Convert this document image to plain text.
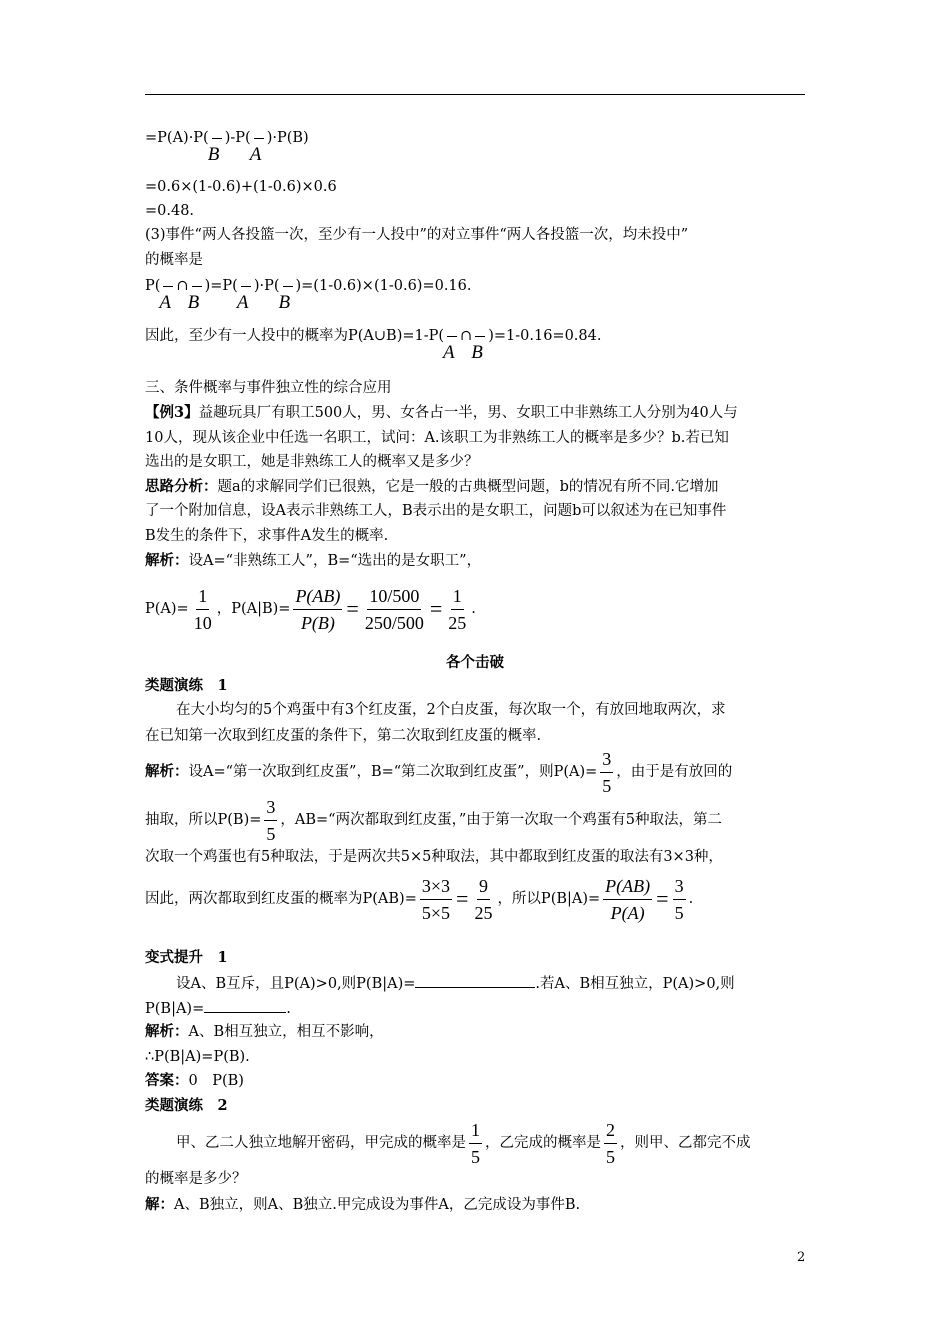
=P(A)·P(
B
)-P(
A
)·P(B)
=0.6×(1-0.6)+(1-0.6)×0.6
=0.48.
(3)事件“两人各投篮一次，至少有一人投中”的对立事件“两人各投篮一次，均未投中”
的概率是
P(
A
∩
B
)=P(
A
)·P(
B
)=(1-0.6)×(1-0.6)=0.16.
因此，至少有一人投中的概率为P(A∪B)=1-P(
A
∩
B
)=1-0.16=0.84.
三、条件概率与事件独立性的综合应用
【例3】益趣玩具厂有职工500人，男、女各占一半，男、女职工中非熟练工人分别为40人与
10人，现从该企业中任选一名职工，试问：A.该职工为非熟练工人的概率是多少？b.若已知
选出的是女职工，她是非熟练工人的概率又是多少？
思路分析：题a的求解同学们已很熟，它是一般的古典概型问题，b的情况有所不同.它增加
了一个附加信息，设A表示非熟练工人，B表示出的是女职工，问题b可以叙述为在已知事件
B发生的条件下，求事件A发生的概率.
解析：设A=“非熟练工人”，B=“选出的是女职工”，
$P(A)= \frac{1}{10}$ ，$P(A|B)= \frac{P(AB)}{P(B)} = \frac{10/500}{250/500} = \frac{1}{25}$ .
各个击破
类题演练　1
在大小均匀的5个鸡蛋中有3个红皮蛋，2个白皮蛋，每次取一个，有放回地取两次，求
在已知第一次取到红皮蛋的条件下，第二次取到红皮蛋的概率.
解析：设A=“第一次取到红皮蛋”，B=“第二次取到红皮蛋”，则$P(A)= \frac{3}{5}$ ，由于是有放回的
抽取，所以$P(B)= \frac{3}{5}$ ，AB=“两次都取到红皮蛋，”由于第一次取一个鸡蛋有5种取法，第二
次取一个鸡蛋也有5种取法，于是两次共5×5种取法，其中都取到红皮蛋的取法有3×3种，
因此，两次都取到红皮蛋的概率为$P(AB)= \frac{3\times 3}{5\times 5} = \frac{9}{25}$ ，所以$P(B|A)= \frac{P(AB)}{P(A)} = \frac{3}{5}$ .
变式提升　1
设A、B互斥，且P(A)>0,则P(B|A)=	.若A、B相互独立，P(A)>0,则
P(B|A)=	.
解析：A、B相互独立，相互不影响，
∴P(B|A)=P(B).
答案：0　P(B)
类题演练　2
甲、乙二人独立地解开密码，甲完成的概率是 $\frac{1}{5}$ ，乙完成的概率是 $\frac{2}{5}$ ，则甲、乙都完不成
的概率是多少？
解：A、B独立，则A、B独立.甲完成设为事件A，乙完成设为事件B.
2
